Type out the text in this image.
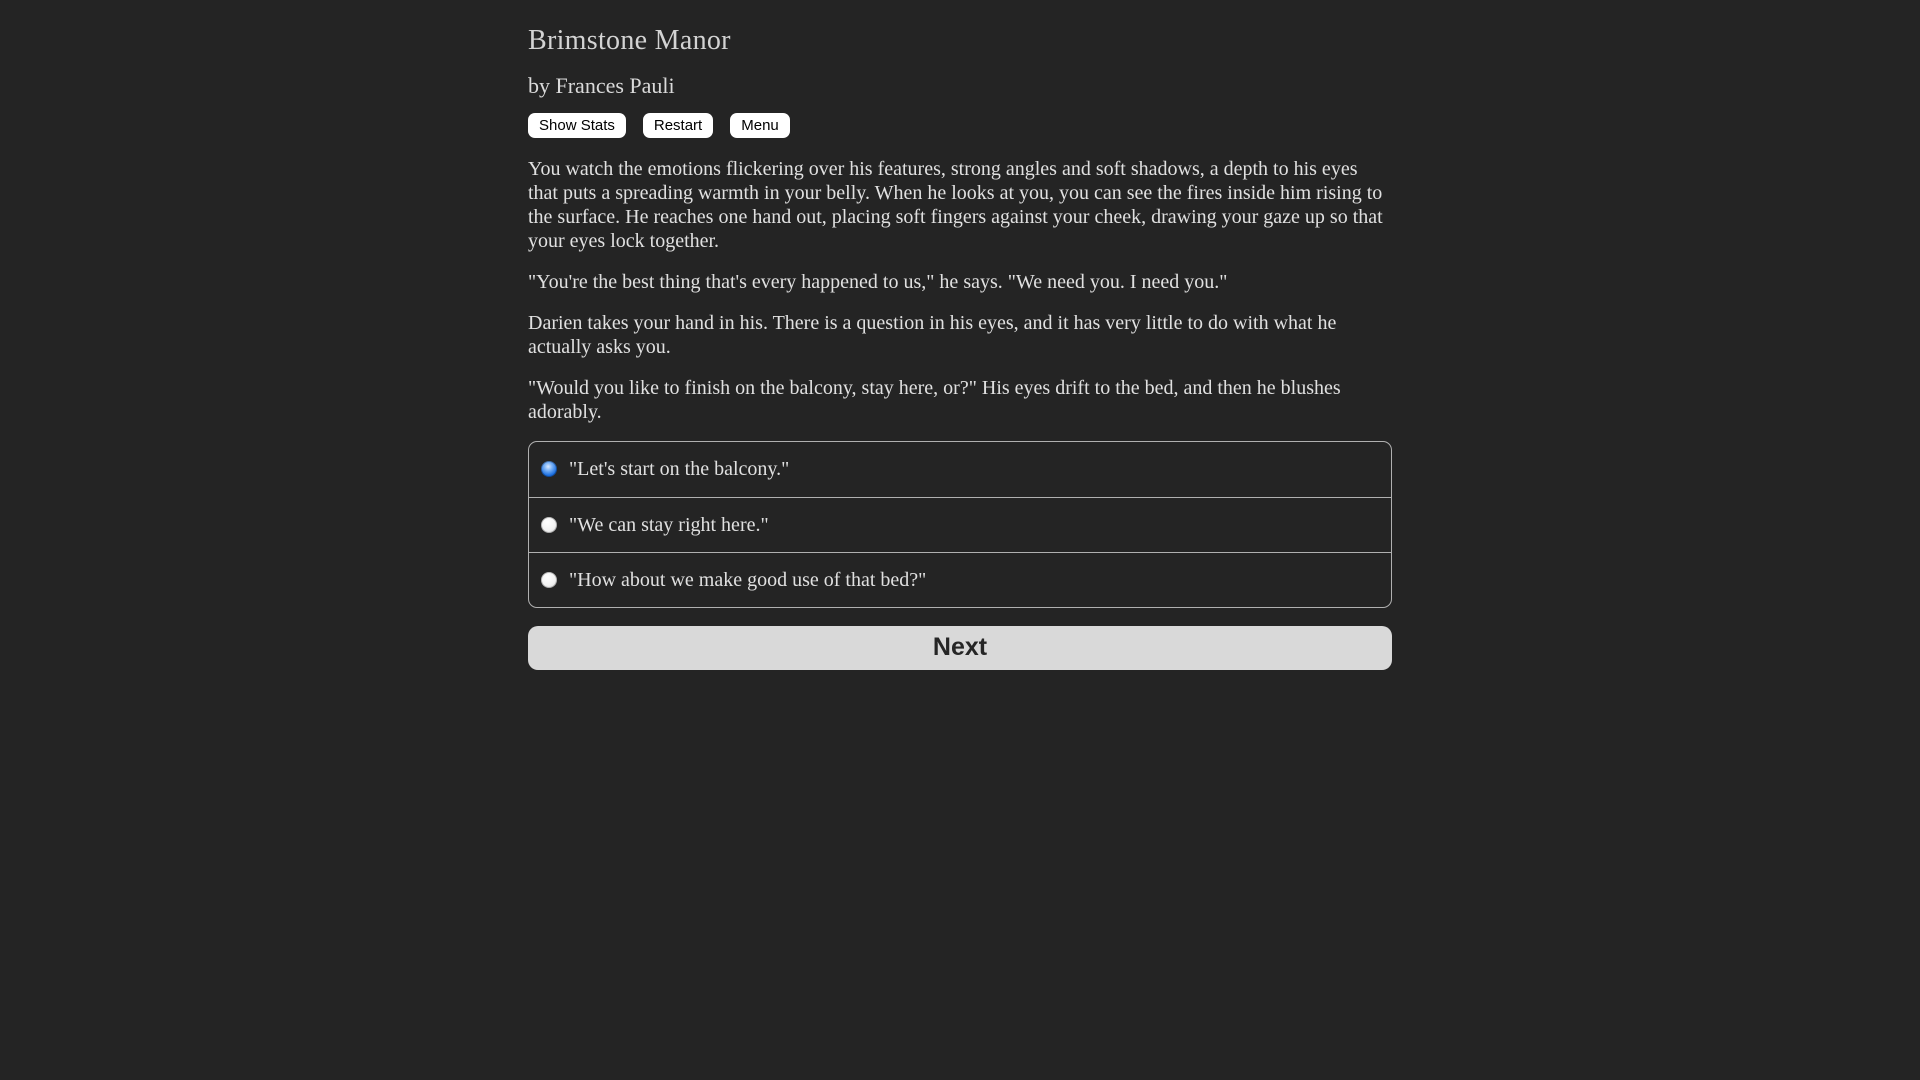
Brimstone Manor
by Frances Pauli
Show Stats	Restart	Menu

You watch the emotions flickering over his features, strong angles and soft shadows, a depth to his eyes that puts a spreading warmth in your belly. When he looks at you, you can see the fires inside him rising to the surface. He reaches one hand out, placing soft fingers against your cheek, drawing your gaze up so that your eyes lock together.

"You're the best thing that's every happened to us," he says. "We need you. I need you."

Darien takes your hand in his. There is a question in his eyes, and it has very little to do with what he actually asks you.

"Would you like to finish on the balcony, stay here, or?" His eyes drift to the bed, and then he blushes adorably.

"Let's start on the balcony."
"We can stay right here."
"How about we make good use of that bed?"
Next
